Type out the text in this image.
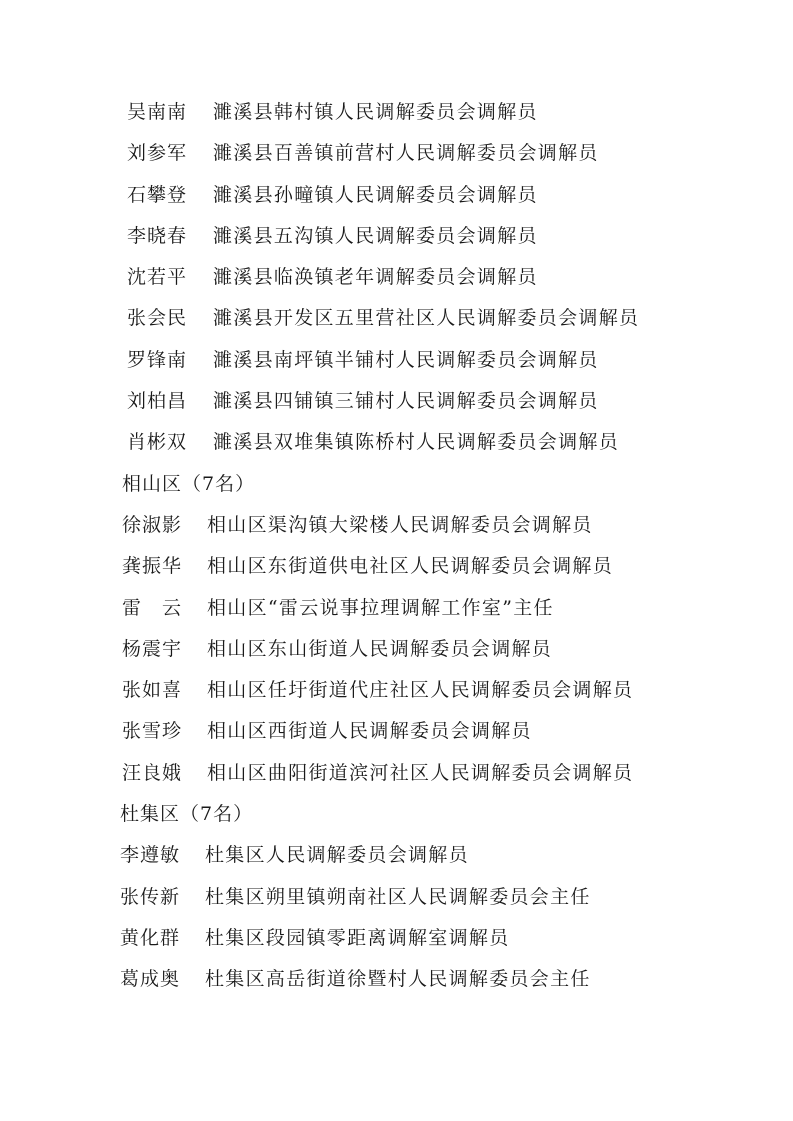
吴南南 濉溪县韩村镇人民调解委员会调解员
刘参军 濉溪县百善镇前营村人民调解委员会调解员
石攀登 濉溪县孙疃镇人民调解委员会调解员
李晓春 濉溪县五沟镇人民调解委员会调解员
沈若平 濉溪县临涣镇老年调解委员会调解员
张会民 濉溪县开发区五里营社区人民调解委员会调解员
罗锋南 濉溪县南坪镇半铺村人民调解委员会调解员
刘柏昌 濉溪县四铺镇三铺村人民调解委员会调解员
肖彬双 濉溪县双堆集镇陈桥村人民调解委员会调解员
相山区（7名）
徐淑影 相山区渠沟镇大梁楼人民调解委员会调解员
龚振华 相山区东街道供电社区人民调解委员会调解员
雷　云 相山区“雷云说事拉理调解工作室”主任
杨震宇 相山区东山街道人民调解委员会调解员
张如喜 相山区任圩街道代庄社区人民调解委员会调解员
张雪珍 相山区西街道人民调解委员会调解员
汪良娥 相山区曲阳街道滨河社区人民调解委员会调解员
杜集区（7名）
李遵敏 杜集区人民调解委员会调解员
张传新 杜集区朔里镇朔南社区人民调解委员会主任
黄化群 杜集区段园镇零距离调解室调解员
葛成奥 杜集区高岳街道徐暨村人民调解委员会主任
